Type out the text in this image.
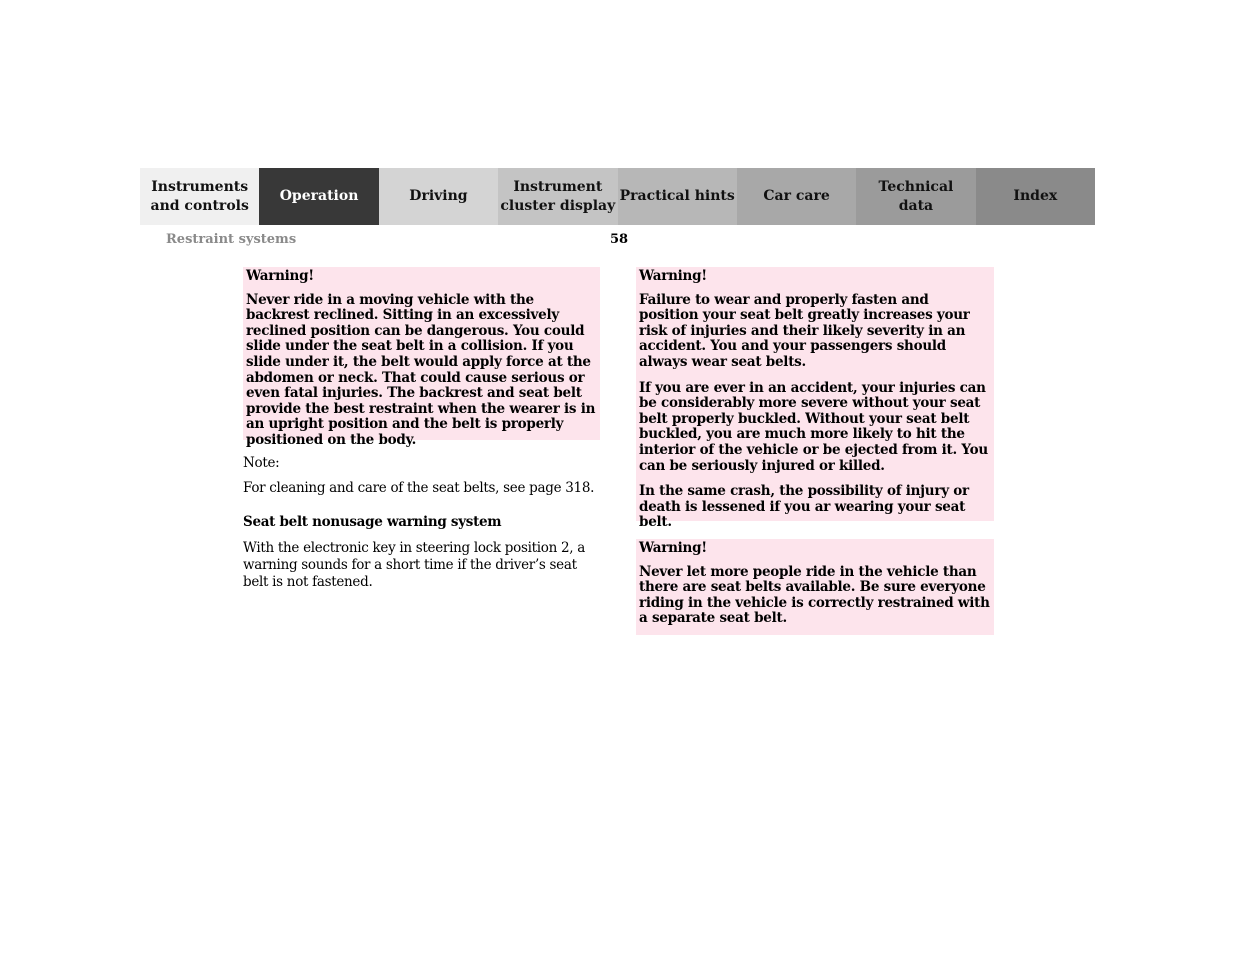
Instruments
and controls
Operation	Driving
Instrument
cluster display
Practical hints	Car care
Technical
data
Index
Restraint systems	58
Warning!

Never ride in a moving vehicle with the backrest reclined. Sitting in an excessively reclined position can be dangerous. You could slide under the seat belt in a collision. If you slide under it, the belt would apply force at the abdomen or neck. That could cause serious or even fatal injuries. The backrest and seat belt provide the best restraint when the wearer is in an upright position and the belt is properly positioned on the body.

Warning!

Failure to wear and properly fasten and position your seat belt greatly increases your risk of injuries and their likely severity in an accident. You and your passengers should always wear seat belts.

If you are ever in an accident, your injuries can be considerably more severe without your seat belt properly buckled. Without your seat belt buckled, you are much more likely to hit the interior of the vehicle or be ejected from it. You can be seriously injured or killed.

In the same crash, the possibility of injury or death is lessened if you ar wearing your seat belt.

Warning!

Never let more people ride in the vehicle than there are seat belts available. Be sure everyone riding in the vehicle is correctly restrained with a separate seat belt.

Note:
For cleaning and care of the seat belts, see page 318.
Seat belt nonusage warning system
With the electronic key in steering lock position 2, a warning sounds for a short time if the driver’s seat belt is not fastened.
